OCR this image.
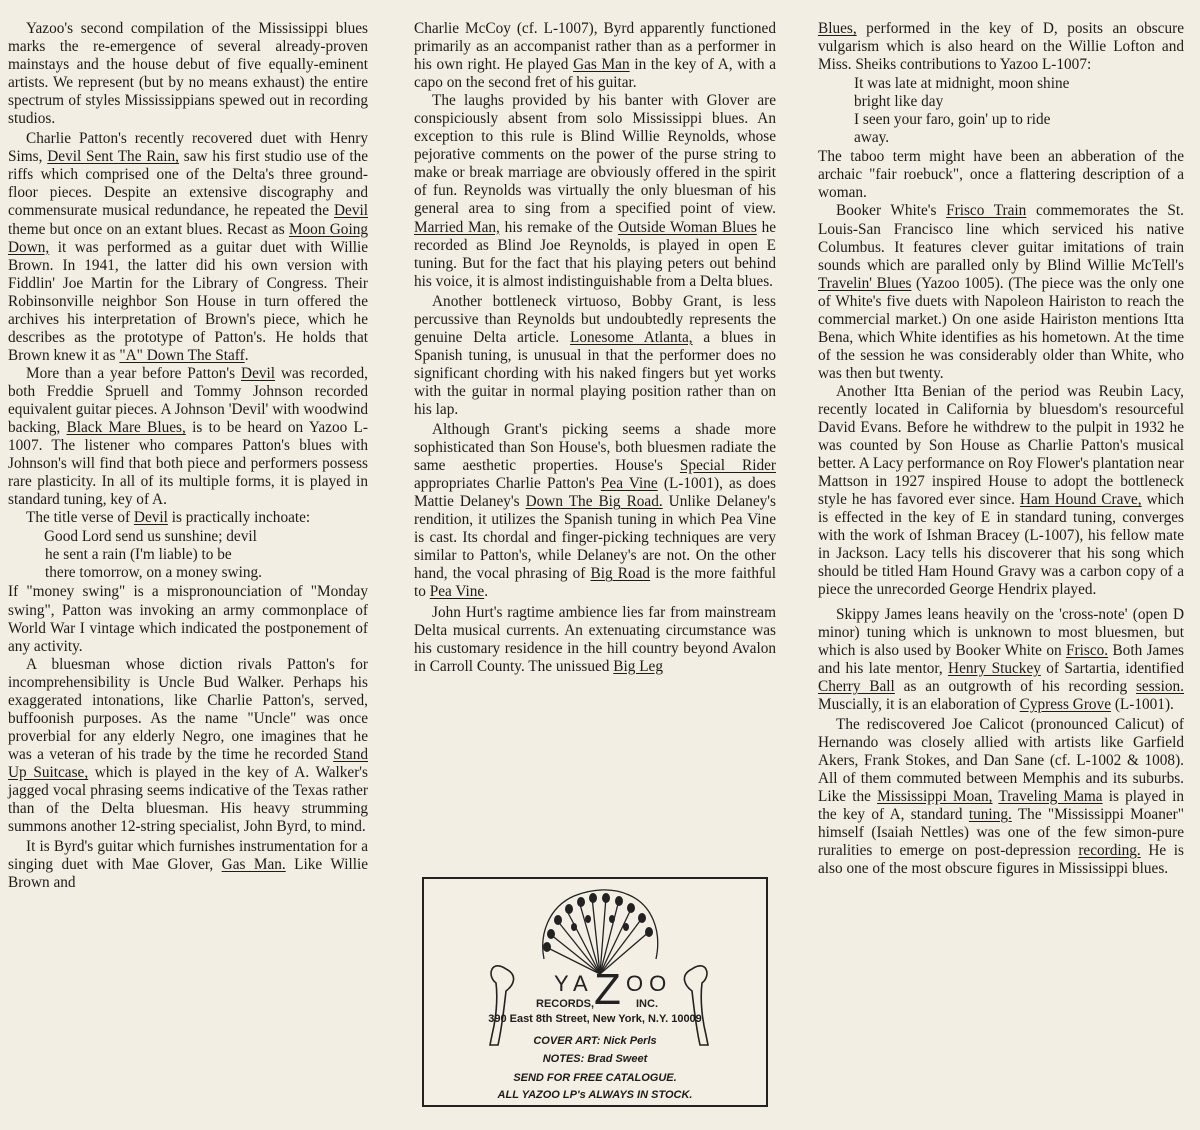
Yazoo's second compilation of the Mississippi blues marks the re-emergence of several already-proven mainstays and the house debut of five equally-eminent artists. We represent (but by no means exhaust) the entire spectrum of styles Mississippians spewed out in recording studios.

Charlie Patton's recently recovered duet with Henry Sims, Devil Sent The Rain, saw his first studio use of the riffs which comprised one of the Delta's three ground-floor pieces. Despite an extensive discography and commensurate musical redundance, he repeated the Devil theme but once on an extant blues. Recast as Moon Going Down, it was performed as a guitar duet with Willie Brown. In 1941, the latter did his own version with Fiddlin' Joe Martin for the Library of Congress. Their Robinsonville neighbor Son House in turn offered the archives his interpretation of Brown's piece, which he describes as the prototype of Patton's. He holds that Brown knew it as "A" Down The Staff.

More than a year before Patton's Devil was recorded, both Freddie Spruell and Tommy Johnson recorded equivalent guitar pieces. A Johnson 'Devil' with woodwind backing, Black Mare Blues, is to be heard on Yazoo L-1007. The listener who compares Patton's blues with Johnson's will find that both piece and performers possess rare plasticity. In all of its multiple forms, it is played in standard tuning, key of A.

The title verse of Devil is practically inchoate:

Good Lord send us sunshine; devil
he sent a rain (I'm liable) to be
there tomorrow, on a money swing.

If "money swing" is a mispronounciation of "Monday swing", Patton was invoking an army commonplace of World War I vintage which indicated the postponement of any activity.

A bluesman whose diction rivals Patton's for incomprehensibility is Uncle Bud Walker. Perhaps his exaggerated intonations, like Charlie Patton's, served, buffoonish purposes. As the name "Uncle" was once proverbial for any elderly Negro, one imagines that he was a veteran of his trade by the time he recorded Stand Up Suitcase, which is played in the key of A. Walker's jagged vocal phrasing seems indicative of the Texas rather than of the Delta bluesman. His heavy strumming summons another 12-string specialist, John Byrd, to mind.

It is Byrd's guitar which furnishes instrumentation for a singing duet with Mae Glover, Gas Man. Like Willie Brown and

Charlie McCoy (cf. L-1007), Byrd apparently functioned primarily as an accompanist rather than as a performer in his own right. He played Gas Man in the key of A, with a capo on the second fret of his guitar.

The laughs provided by his banter with Glover are conspiciously absent from solo Mississippi blues. An exception to this rule is Blind Willie Reynolds, whose pejorative comments on the power of the purse string to make or break marriage are obviously offered in the spirit of fun. Reynolds was virtually the only bluesman of his general area to sing from a specified point of view. Married Man, his remake of the Outside Woman Blues he recorded as Blind Joe Reynolds, is played in open E tuning. But for the fact that his playing peters out behind his voice, it is almost indistinguishable from a Delta blues.

Another bottleneck virtuoso, Bobby Grant, is less percussive than Reynolds but undoubtedly represents the genuine Delta article. Lonesome Atlanta, a blues in Spanish tuning, is unusual in that the performer does no significant chording with his naked fingers but yet works with the guitar in normal playing position rather than on his lap.

Although Grant's picking seems a shade more sophisticated than Son House's, both bluesmen radiate the same aesthetic properties. House's Special Rider appropriates Charlie Patton's Pea Vine (L-1001), as does Mattie Delaney's Down The Big Road. Unlike Delaney's rendition, it utilizes the Spanish tuning in which Pea Vine is cast. Its chordal and finger-picking techniques are very similar to Patton's, while Delaney's are not. On the other hand, the vocal phrasing of Big Road is the more faithful to Pea Vine.

John Hurt's ragtime ambience lies far from mainstream Delta musical currents. An extenuating circumstance was his customary residence in the hill country beyond Avalon in Carroll County. The unissued Big Leg

YA Z OO
RECORDS,	INC.
390 East 8th Street, New York, N.Y. 10009
COVER ART: Nick Perls
NOTES: Brad Sweet
SEND FOR FREE CATALOGUE.
ALL YAZOO LP's ALWAYS IN STOCK.

Blues, performed in the key of D, posits an obscure vulgarism which is also heard on the Willie Lofton and Miss. Sheiks contributions to Yazoo L-1007:

It was late at midnight, moon shine
bright like day
I seen your faro, goin' up to ride
away.

The taboo term might have been an abberation of the archaic "fair roebuck", once a flattering description of a woman.

Booker White's Frisco Train commemorates the St. Louis-San Francisco line which serviced his native Columbus. It features clever guitar imitations of train sounds which are paralled only by Blind Willie McTell's Travelin' Blues (Yazoo 1005). (The piece was the only one of White's five duets with Napoleon Hairiston to reach the commercial market.) On one aside Hairiston mentions Itta Bena, which White identifies as his hometown. At the time of the session he was considerably older than White, who was then but twenty.

Another Itta Benian of the period was Reubin Lacy, recently located in California by bluesdom's resourceful David Evans. Before he withdrew to the pulpit in 1932 he was counted by Son House as Charlie Patton's musical better. A Lacy performance on Roy Flower's plantation near Mattson in 1927 inspired House to adopt the bottleneck style he has favored ever since. Ham Hound Crave, which is effected in the key of E in standard tuning, converges with the work of Ishman Bracey (L-1007), his fellow mate in Jackson. Lacy tells his discoverer that his song which should be titled Ham Hound Gravy was a carbon copy of a piece the unrecorded George Hendrix played.

Skippy James leans heavily on the 'cross-note' (open D minor) tuning which is unknown to most bluesmen, but which is also used by Booker White on Frisco. Both James and his late mentor, Henry Stuckey of Sartartia, identified Cherry Ball as an outgrowth of his recording session. Muscially, it is an elaboration of Cypress Grove (L-1001).

The rediscovered Joe Calicot (pronounced Calicut) of Hernando was closely allied with artists like Garfield Akers, Frank Stokes, and Dan Sane (cf. L-1002 & 1008). All of them commuted between Memphis and its suburbs. Like the Mississippi Moan, Traveling Mama is played in the key of A, standard tuning. The "Mississippi Moaner" himself (Isaiah Nettles) was one of the few simon-pure ruralities to emerge on post-depression recording. He is also one of the most obscure figures in Mississippi blues.
